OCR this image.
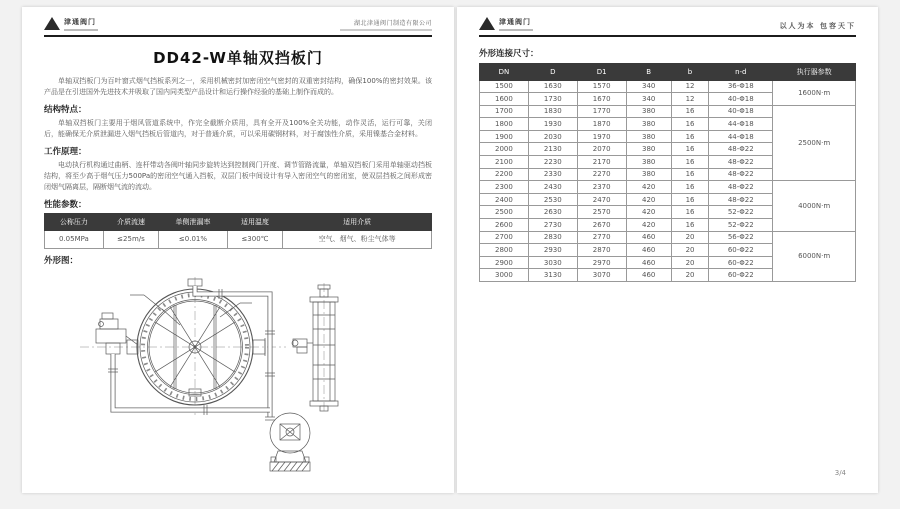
津通阀门	湖北津通阀门制造有限公司
DD42-W单轴双挡板门
单轴双挡板门为百叶窗式烟气挡板系列之一，采用机械密封加密闭空气密封的双重密封结构，确保100%的密封效果。该产品是在引进国外先进技术并吸取了国内同类型产品设计和运行操作经验的基础上制作而成的。
结构特点：
单轴双挡板门主要用于烟风管道系统中，作完全截断介质用，具有全开及100%全关功能，动作灵活，运行可靠，关闭后，能确保无介质泄漏进入烟气挡板后管道内，对于普通介质，可以采用碳钢材料，对于腐蚀性介质，采用镍基合金材料。
工作原理：
电动执行机构通过曲柄、连杆带动各阀叶轴同步旋转达到控制阀门开度、调节管路流量，单轴双挡板门采用单轴驱动挡板结构，将至少高于烟气压力500Pa的密闭空气通入挡板，双层门板中间设计有导入密闭空气的密闭室，使双层挡板之间形成密闭烟气隔离层，隔断烟气流的流动。
性能参数：
公称压力	介质流速	单侧泄漏率	适用温度	适用介质
0.05MPa	≤25m/s	≤0.01%	≤300℃	空气、烟气、粉尘气体等
外形图：
津通阀门	以人为本 包容天下
外形连接尺寸：
DN	D	D1	B	b	n-d	执行器参数
1500	1630	1570	340	12	36-Φ18	1600N·m
1600	1730	1670	340	12	40-Φ18	
1700	1830	1770	380	16	40-Φ18	2500N·m
1800	1930	1870	380	16	44-Φ18	
1900	2030	1970	380	16	44-Φ18	
2000	2130	2070	380	16	48-Φ22	
2100	2230	2170	380	16	48-Φ22	
2200	2330	2270	380	16	48-Φ22	
2300	2430	2370	420	16	48-Φ22	4000N·m
2400	2530	2470	420	16	48-Φ22	
2500	2630	2570	420	16	52-Φ22	
2600	2730	2670	420	16	52-Φ22	
2700	2830	2770	460	20	56-Φ22	6000N·m
2800	2930	2870	460	20	60-Φ22	
2900	3030	2970	460	20	60-Φ22	
3000	3130	3070	460	20	60-Φ22	
3/4
